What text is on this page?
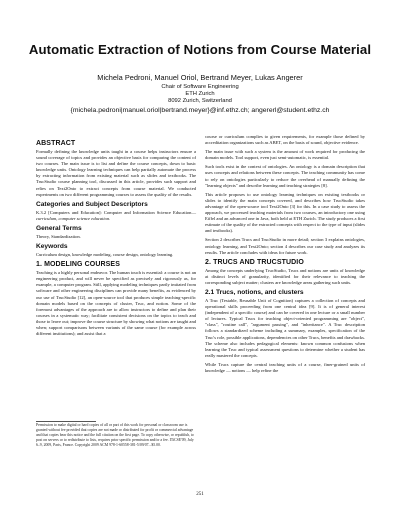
Automatic Extraction of Notions from Course Material
Michela Pedroni, Manuel Oriol, Bertrand Meyer, Lukas Angerer
Chair of Software Engineering
ETH Zurich
8092 Zurich, Switzerland
{michela.pedroni|manuel.oriol|bertrand.meyer}@inf.ethz.ch; angererl@student.ethz.ch
ABSTRACT
Formally defining the knowledge units taught in a course helps instructors ensure a sound coverage of topics and provides an objective basis for comparing the content of two courses. The main issue is to list and define the course concepts, down to basic knowledge units. Ontology learning techniques can help partially automate the process by extracting information from existing material such as slides and textbooks. The TrucStudio course planning tool, discussed in this article, provides such support and relies on Text2Onto to extract concepts from course material. We conducted experiments on two different programming courses to assess the quality of the results.
Categories and Subject Descriptors
K.3.2 [Computers and Education]: Computer and Information Science Education—curriculum, computer science education.
General Terms
Theory, Standardization.
Keywords
Curriculum design, knowledge modeling, course design, ontology learning.
1. MODELING COURSES
Teaching is a highly personal endeavor. The human touch is essential: a course is not an engineering product, and will never be specified as precisely and rigorously as, for example, a computer program. Still, applying modeling techniques partly imitated from software and other engineering disciplines can provide many benefits, as evidenced by our use of TrucStudio [12], an open-source tool that produces simple teaching-specific domain models based on the concepts of cluster, Truc, and notion. Some of the foremost advantages of the approach are to allow instructors to define and plan their courses in a systematic way; facilitate consistent decisions on the topics to teach and those to leave out; improve the course structure by showing what notions are taught and when; support comparisons between variants of the same course (for example across different institutions); and assist that a
Permission to make digital or hard copies of all or part of this work for personal or classroom use is granted without fee provided that copies are not made or distributed for profit or commercial advantage and that copies bear this notice and the full citation on the first page. To copy otherwise, or republish, to post on servers or to redistribute to lists, requires prior specific permission and/or a fee. ITiCSE'09, July 6–9, 2009, Paris, France. Copyright 2009 ACM 978-1-60558-381-5/09/07...$5.00.
course or curriculum complies to given requirements, for example those defined by accreditation organizations such as ABET, on the basis of sound, objective evidence.
The main issue with such a system is the amount of work required for producing the domain models. Tool support, even just semi-automatic, is essential.
Such tools exist in the context of ontologies. An ontology is a domain description that uses concepts and relations between these concepts. The teaching community has come to rely on ontologies particularly to reduce the overhead of manually defining the "learning objects" and describe learning and teaching strategies [8].
This article proposes to use ontology learning techniques on existing textbooks or slides to identify the main concepts covered, and describes how TrucStudio takes advantage of the open-source tool Text2Onto [3] for this. In a case study to assess the approach, we processed teaching materials from two courses, an introductory one using Eiffel and an advanced one in Java, both held at ETH Zurich. The study produces a first estimate of the quality of the extracted concepts with respect to the type of input (slides and textbooks).
Section 2 describes Trucs and TrucStudio in more detail; section 3 explains ontologies, ontology learning, and Text2Onto; section 4 describes our case study and analyzes its results. The article concludes with ideas for future work.
2. TRUCS AND TRUCSTUDIO
Among the concepts underlying TrucStudio, Trucs and notions are units of knowledge at distinct levels of granularity, identified for their relevance to teaching the corresponding subject matter; clusters are knowledge areas gathering such units.
2.1 Trucs, notions, and clusters
A Truc (Testable, Reusable Unit of Cognition) captures a collection of concepts and operational skills proceeding from one central idea [9]. It is of general interest (independent of a specific course) and can be covered in one lecture or a small number of lectures. Typical Trucs for teaching object-oriented programming are "object", "class", "routine call", "argument passing", and "inheritance". A Truc description follows a standardized scheme including a summary, examples, specification of the Truc's role, possible applications, dependencies on other Trucs, benefits and drawbacks. The scheme also includes pedagogical elements: known common confusions when learning the Truc and typical assessment questions to determine whether a student has really mastered the concepts.
While Trucs capture the central teaching units of a course, finer-grained units of knowledge — notions — help refine the
251
